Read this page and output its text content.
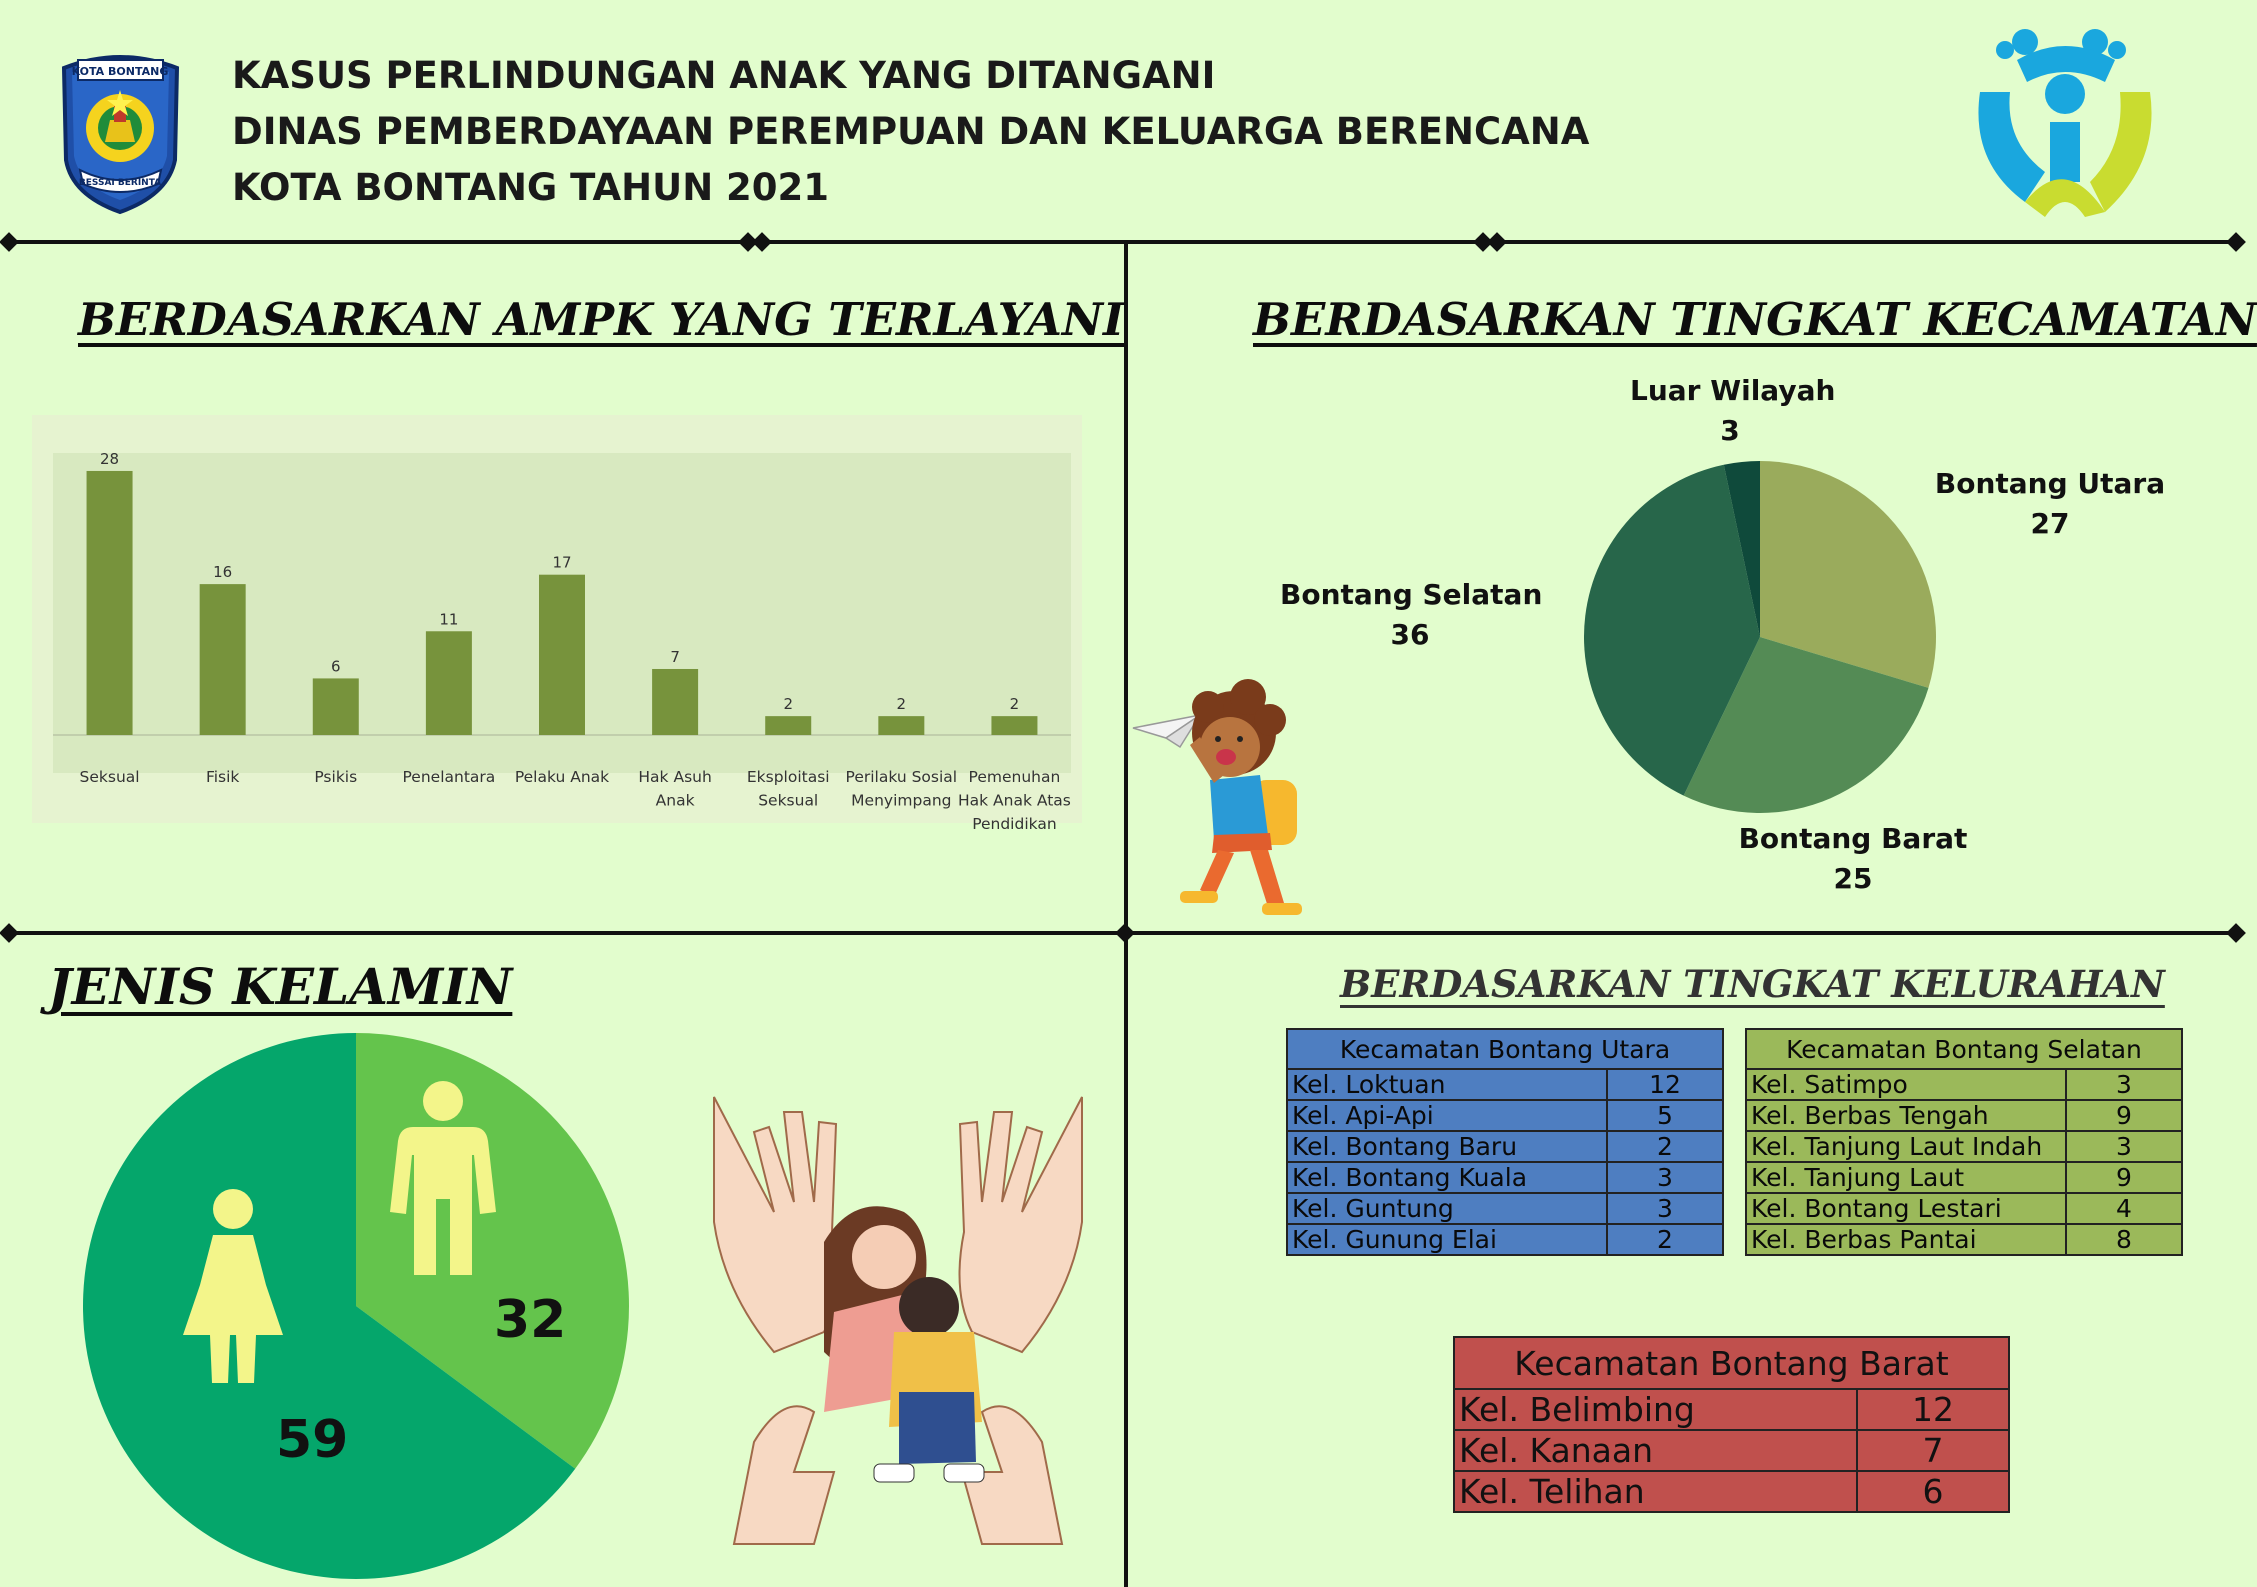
KOTA BONTANG
BESSAI BERINTA
KASUS PERLINDUNGAN ANAK YANG DITANGANI
DINAS PEMBERDAYAAN PEREMPUAN DAN KELUARGA BERENCANA
KOTA BONTANG TAHUN 2021
BERDASARKAN AMPK YANG TERLAYANI	BERDASARKAN TINGKAT KECAMATAN
JENIS KELAMIN	BERDASARKAN TINGKAT KELURAHAN
28
Seksual
16
Fisik
6
Psikis
11
Penelantara
17
Pelaku Anak
7
Hak Asuh
Anak
2
Eksploitasi
Seksual
2
Perilaku Sosial
Menyimpang
2
Pemenuhan
Hak Anak Atas
Pendidikan
Luar Wilayah
3
Bontang Utara
27
Bontang Selatan
36
Bontang Barat
25
32
59
Kecamatan Bontang Utara	
Kel. Loktuan	12
Kel. Api-Api	5
Kel. Bontang Baru	2
Kel. Bontang Kuala	3
Kel. Guntung	3
Kel. Gunung Elai	2
Kecamatan Bontang Selatan	
Kel. Satimpo	3
Kel. Berbas Tengah	9
Kel. Tanjung Laut Indah	3
Kel. Tanjung Laut	9
Kel. Bontang Lestari	4
Kel. Berbas Pantai	8
Kecamatan Bontang Barat	
Kel. Belimbing	12
Kel. Kanaan	7
Kel. Telihan	6
